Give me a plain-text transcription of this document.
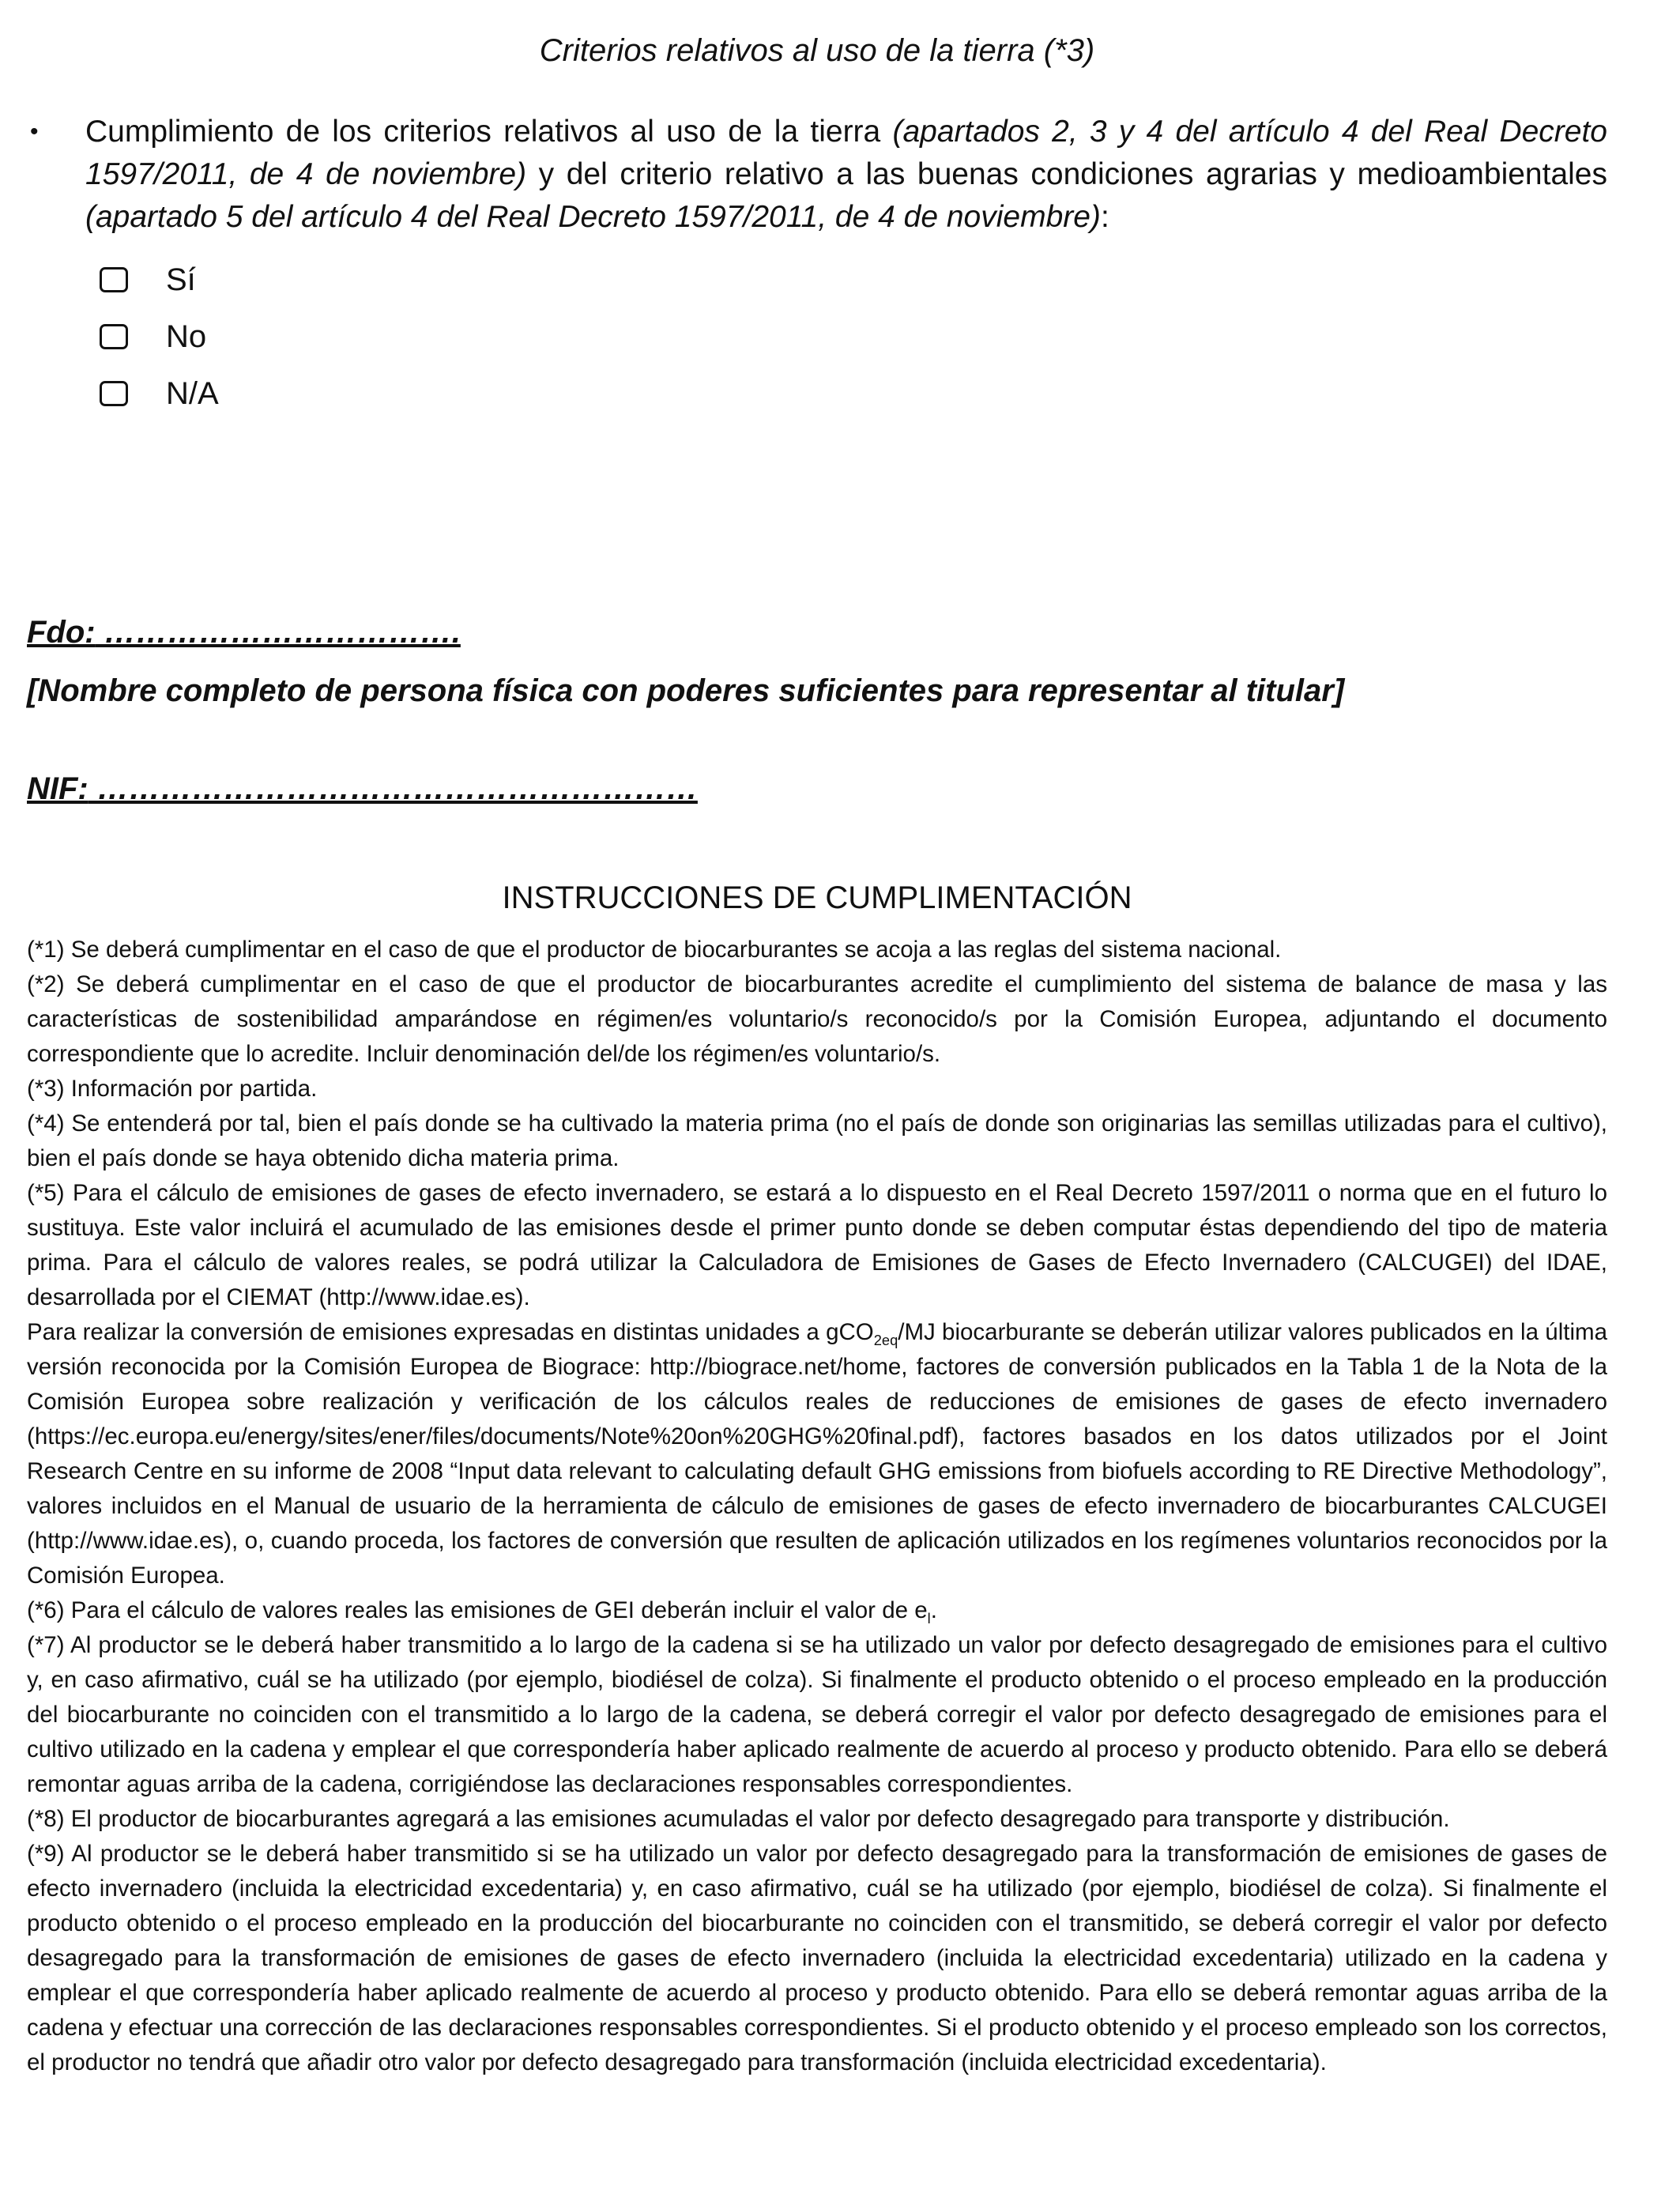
Criterios relativos al uso de la tierra (*3)
•	Cumplimiento de los criterios relativos al uso de la tierra (apartados 2, 3 y 4 del artículo 4 del Real Decreto 1597/2011, de 4 de noviembre) y del criterio relativo a las buenas condiciones agrarias y medioambientales (apartado 5 del artículo 4 del Real Decreto 1597/2011, de 4 de noviembre):
Sí
No
N/A
Fdo: …………………………….
[Nombre completo de persona física con poderes suficientes para representar al titular]
NIF: …………………………………………………
INSTRUCCIONES DE CUMPLIMENTACIÓN

(*1) Se deberá cumplimentar en el caso de que el productor de biocarburantes se acoja a las reglas del sistema nacional.

(*2) Se deberá cumplimentar en el caso de que el productor de biocarburantes acredite el cumplimiento del sistema de balance de masa y las características de sostenibilidad amparándose en régimen/es voluntario/s reconocido/s por la Comisión Europea, adjuntando el documento correspondiente que lo acredite. Incluir denominación del/de los régimen/es voluntario/s.

(*3) Información por partida.

(*4) Se entenderá por tal, bien el país donde se ha cultivado la materia prima (no el país de donde son originarias las semillas utilizadas para el cultivo), bien el país donde se haya obtenido dicha materia prima.

(*5) Para el cálculo de emisiones de gases de efecto invernadero, se estará a lo dispuesto en el Real Decreto 1597/2011 o norma que en el futuro lo sustituya. Este valor incluirá el acumulado de las emisiones desde el primer punto donde se deben computar éstas dependiendo del tipo de materia prima. Para el cálculo de valores reales, se podrá utilizar la Calculadora de Emisiones de Gases de Efecto Invernadero (CALCUGEI) del IDAE, desarrollada por el CIEMAT (http://www.idae.es).

Para realizar la conversión de emisiones expresadas en distintas unidades a gCO$_{2eq}$/MJ biocarburante se deberán utilizar valores publicados en la última versión reconocida por la Comisión Europea de Biograce: http://biograce.net/home, factores de conversión publicados en la Tabla 1 de la Nota de la Comisión Europea sobre realización y verificación de los cálculos reales de reducciones de emisiones de gases de efecto invernadero (https://ec.europa.eu/energy/sites/ener/files/documents/Note%20on%20GHG%20final.pdf), factores basados en los datos utilizados por el Joint Research Centre en su informe de 2008 “Input data relevant to calculating default GHG emissions from biofuels according to RE Directive Methodology”, valores incluidos en el Manual de usuario de la herramienta de cálculo de emisiones de gases de efecto invernadero de biocarburantes CALCUGEI (http://www.idae.es), o, cuando proceda, los factores de conversión que resulten de aplicación utilizados en los regímenes voluntarios reconocidos por la Comisión Europea.

(*6) Para el cálculo de valores reales las emisiones de GEI deberán incluir el valor de $e_l$.

(*7) Al productor se le deberá haber transmitido a lo largo de la cadena si se ha utilizado un valor por defecto desagregado de emisiones para el cultivo y, en caso afirmativo, cuál se ha utilizado (por ejemplo, biodiésel de colza). Si finalmente el producto obtenido o el proceso empleado en la producción del biocarburante no coinciden con el transmitido a lo largo de la cadena, se deberá corregir el valor por defecto desagregado de emisiones para el cultivo utilizado en la cadena y emplear el que correspondería haber aplicado realmente de acuerdo al proceso y producto obtenido. Para ello se deberá remontar aguas arriba de la cadena, corrigiéndose las declaraciones responsables correspondientes.

(*8) El productor de biocarburantes agregará a las emisiones acumuladas el valor por defecto desagregado para transporte y distribución.

(*9) Al productor se le deberá haber transmitido si se ha utilizado un valor por defecto desagregado para la transformación de emisiones de gases de efecto invernadero (incluida la electricidad excedentaria) y, en caso afirmativo, cuál se ha utilizado (por ejemplo, biodiésel de colza). Si finalmente el producto obtenido o el proceso empleado en la producción del biocarburante no coinciden con el transmitido, se deberá corregir el valor por defecto desagregado para la transformación de emisiones de gases de efecto invernadero (incluida la electricidad excedentaria) utilizado en la cadena y emplear el que correspondería haber aplicado realmente de acuerdo al proceso y producto obtenido. Para ello se deberá remontar aguas arriba de la cadena y efectuar una corrección de las declaraciones responsables correspondientes. Si el producto obtenido y el proceso empleado son los correctos, el productor no tendrá que añadir otro valor por defecto desagregado para transformación (incluida electricidad excedentaria).
